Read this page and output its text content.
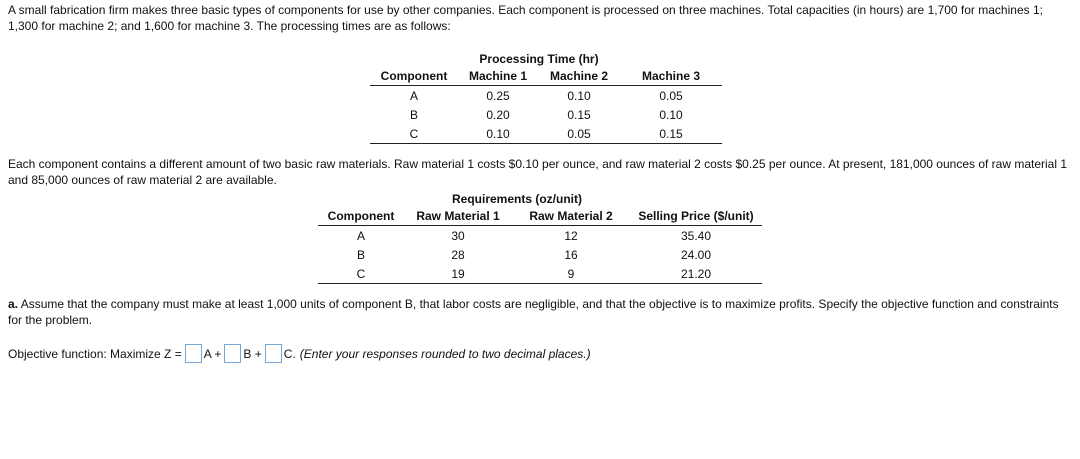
A small fabrication firm makes three basic types of components for use by other companies. Each component is processed on three machines. Total capacities (in hours) are 1,700 for machines 1; 1,300 for machine 2; and 1,600 for machine 3. The processing times are as follows:

	Processing Time (hr)		
Component	Machine 1	Machine 2	Machine 3
A	0.25	0.10	0.05
B	0.20	0.15	0.10
C	0.10	0.05	0.15

Each component contains a different amount of two basic raw materials. Raw material 1 costs $0.10 per ounce, and raw material 2 costs $0.25 per ounce. At present, 181,000 ounces of raw material 1 and 85,000 ounces of raw material 2 are available.

	Requirements (oz/unit)		
Component	Raw Material 1	Raw Material 2	Selling Price ($/unit)
A	30	12	35.40
B	28	16	24.00
C	19	9	21.20

a. Assume that the company must make at least 1,000 units of component B, that labor costs are negligible, and that the objective is to maximize profits. Specify the objective function and constraints for the problem.

Objective function: Maximize Z = A + B + C. (Enter your responses rounded to two decimal places.)
